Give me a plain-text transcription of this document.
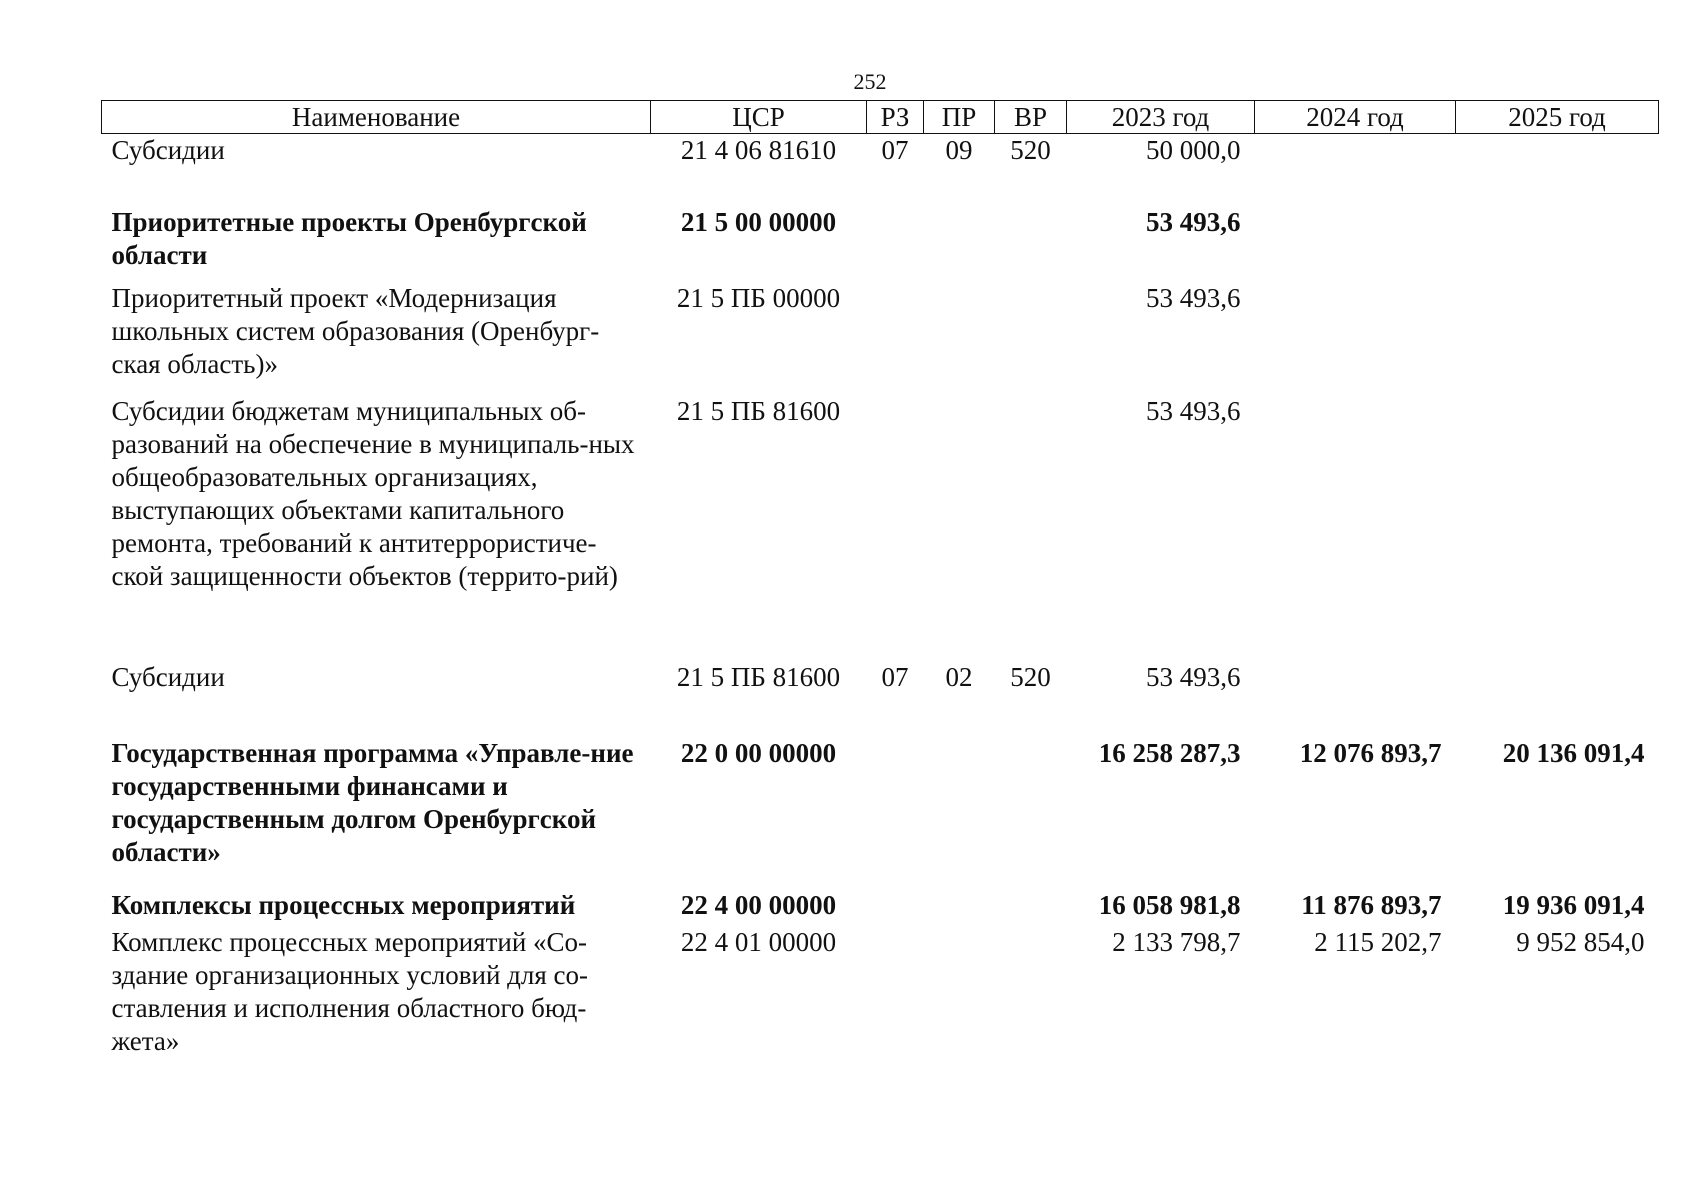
252
Наименование	ЦСР	РЗ	ПР	ВР	2023 год	2024 год	2025 год
Субсидии	21 4 06 81610	07	09	520	50 000,0		
Приоритетные проекты Оренбургской области	21 5 00 00000				53 493,6		
Приоритетный проект «Модернизация школьных систем образования (Оренбург-ская область)»	21 5 ПБ 00000				53 493,6		
Субсидии бюджетам муниципальных об-разований на обеспечение в муниципаль-ных общеобразовательных организациях, выступающих объектами капитального ремонта, требований к антитеррористиче-ской защищенности объектов (террито-рий)	21 5 ПБ 81600				53 493,6		
Субсидии	21 5 ПБ 81600	07	02	520	53 493,6		
Государственная программа «Управле-ние государственными финансами и государственным долгом Оренбургской области»	22 0 00 00000				16 258 287,3	12 076 893,7	20 136 091,4
Комплексы процессных мероприятий	22 4 00 00000				16 058 981,8	11 876 893,7	19 936 091,4
Комплекс процессных мероприятий «Со-здание организационных условий для со-ставления и исполнения областного бюд-жета»	22 4 01 00000				2 133 798,7	2 115 202,7	9 952 854,0
